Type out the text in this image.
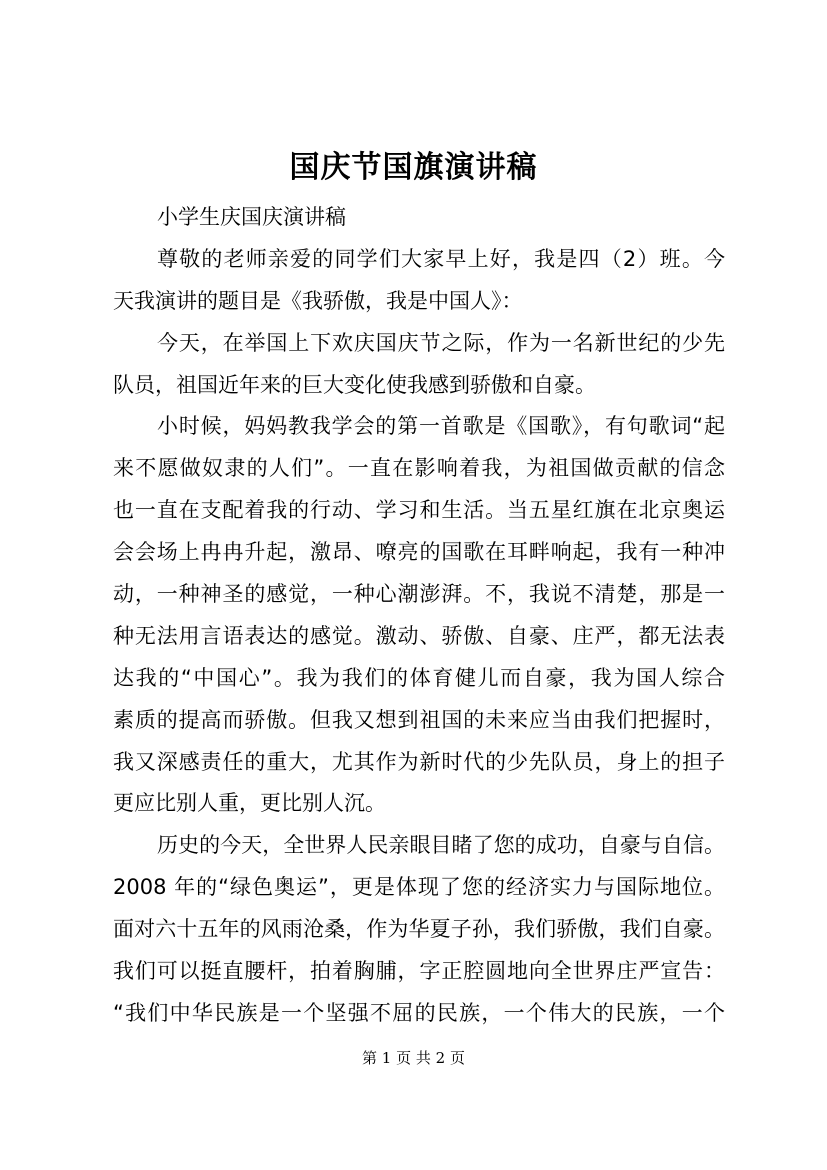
国庆节国旗演讲稿
小学生庆国庆演讲稿
尊敬的老师亲爱的同学们大家早上好，我是四（2）班。今
天我演讲的题目是《我骄傲，我是中国人》：
今天，在举国上下欢庆国庆节之际，作为一名新世纪的少先
队员，祖国近年来的巨大变化使我感到骄傲和自豪。
小时候，妈妈教我学会的第一首歌是《国歌》，有句歌词“起
来不愿做奴隶的人们”。一直在影响着我，为祖国做贡献的信念
也一直在支配着我的行动、学习和生活。当五星红旗在北京奥运
会会场上冉冉升起，激昂、嘹亮的国歌在耳畔响起，我有一种冲
动，一种神圣的感觉，一种心潮澎湃。不，我说不清楚，那是一
种无法用言语表达的感觉。激动、骄傲、自豪、庄严，都无法表
达我的“中国心”。我为我们的体育健儿而自豪，我为国人综合
素质的提高而骄傲。但我又想到祖国的未来应当由我们把握时，
我又深感责任的重大，尤其作为新时代的少先队员，身上的担子
更应比别人重，更比别人沉。
历史的今天，全世界人民亲眼目睹了您的成功，自豪与自信。
2008 年的“绿色奥运”，更是体现了您的经济实力与国际地位。
面对六十五年的风雨沧桑，作为华夏子孙，我们骄傲，我们自豪。
我们可以挺直腰杆，拍着胸脯，字正腔圆地向全世界庄严宣告：
“我们中华民族是一个坚强不屈的民族，一个伟大的民族，一个
第 1 页 共 2 页
